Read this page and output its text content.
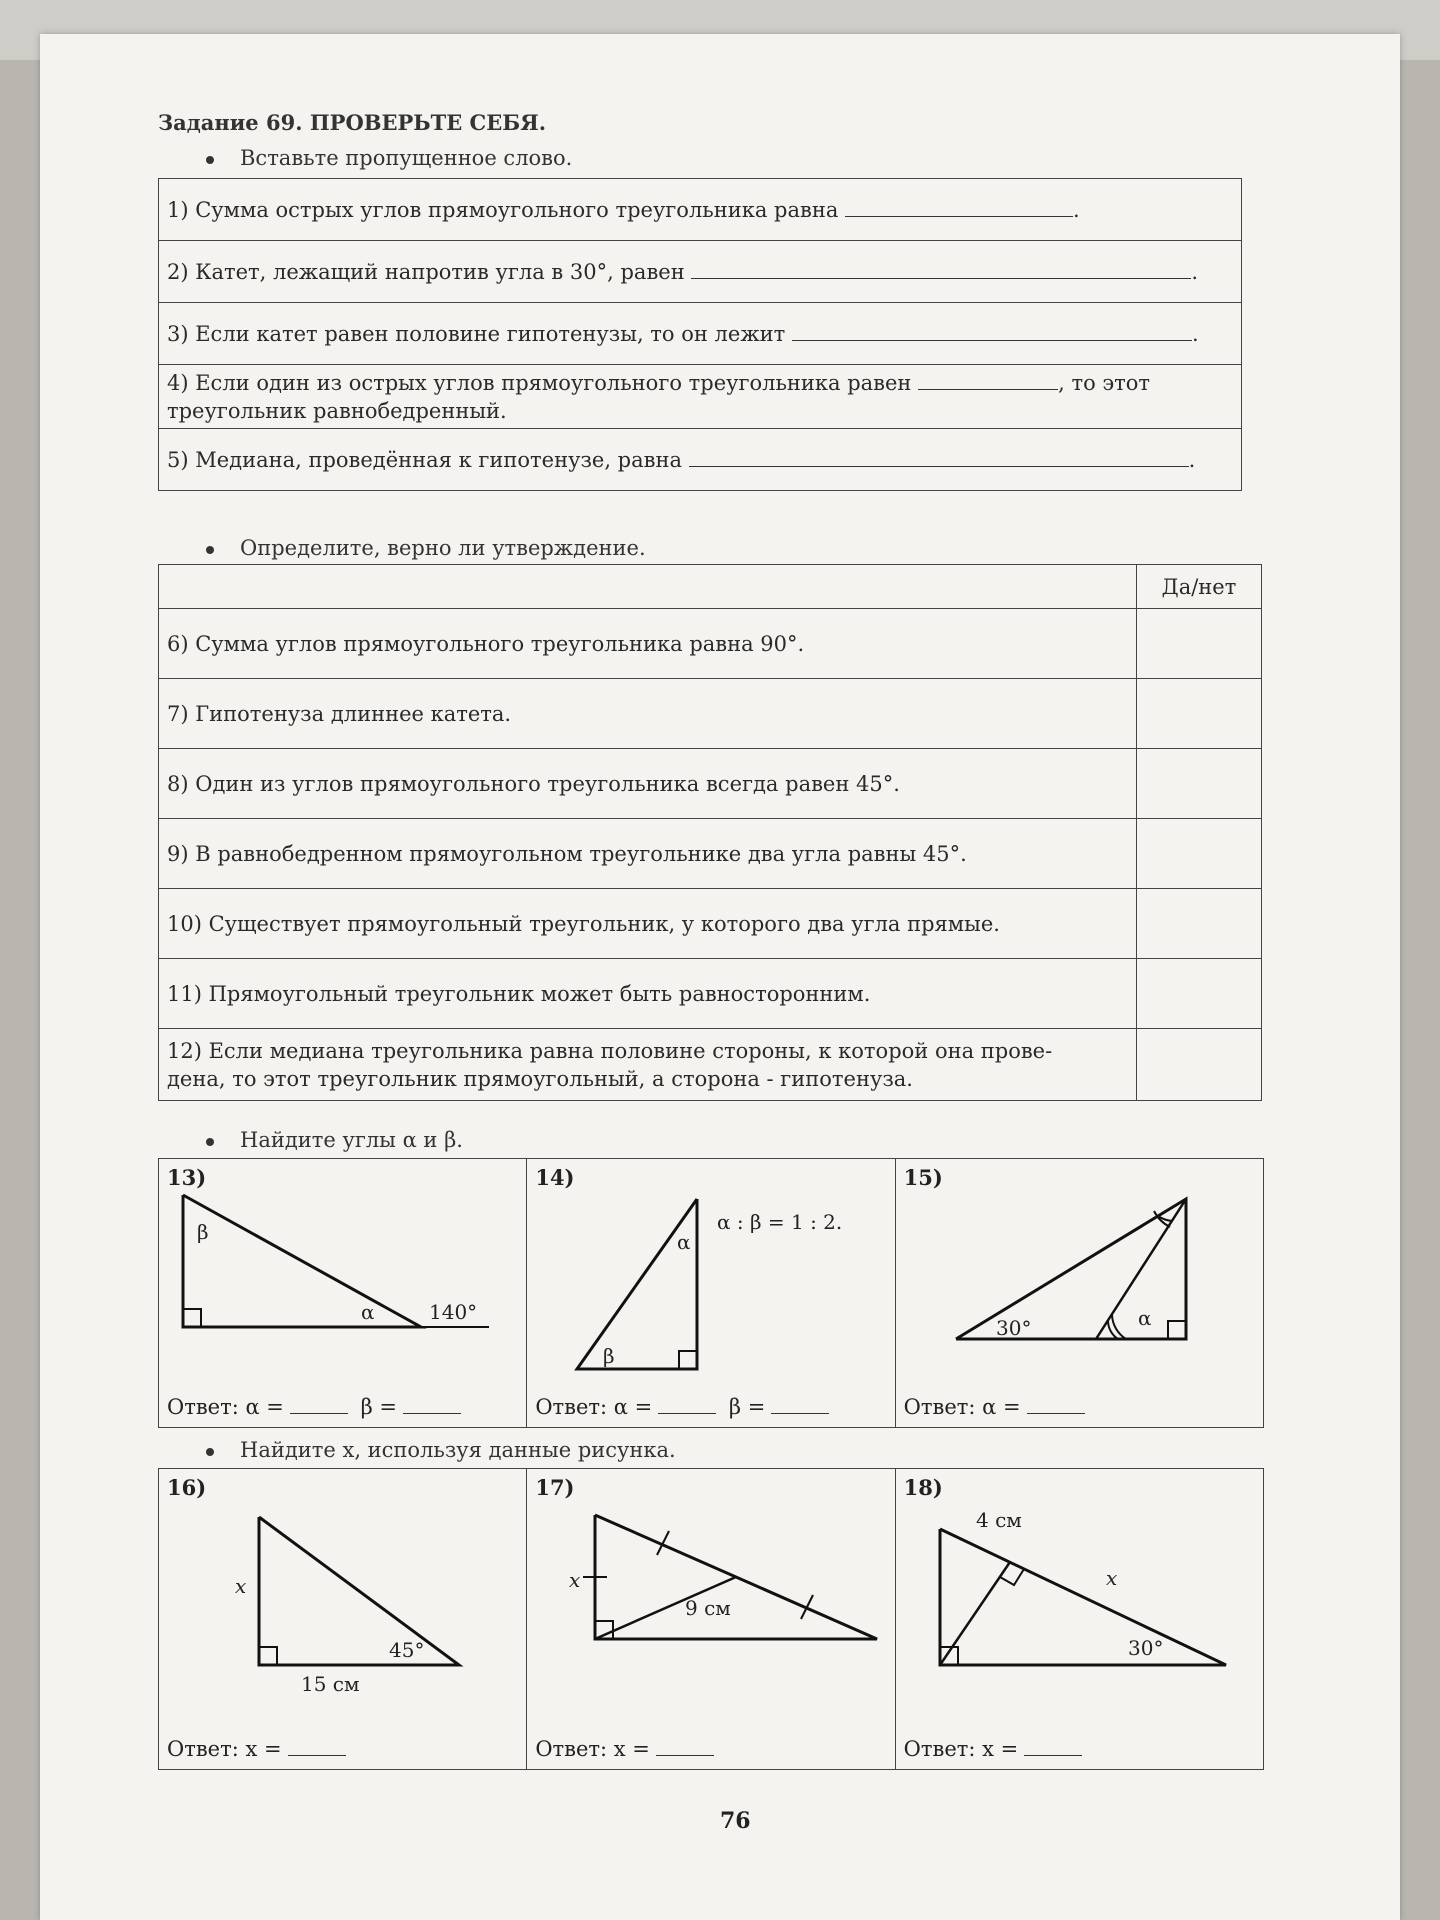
Задание 69. ПРОВЕРЬТЕ СЕБЯ.
Вставьте пропущенное слово.
1) Сумма острых углов прямоугольного треугольника равна	.
2) Катет, лежащий напротив угла в 30°, равен	.
3) Если катет равен половине гипотенузы, то он лежит	.
4) Если один из острых углов прямоугольного треугольника равен	, то этот
треугольник равнобедренный.
5) Медиана, проведённая к гипотенузе, равна	.
Определите, верно ли утверждение.
	Да/нет
6) Сумма углов прямоугольного треугольника равна 90°.	
7) Гипотенуза длиннее катета.	
8) Один из углов прямоугольного треугольника всегда равен 45°.	
9) В равнобедренном прямоугольном треугольнике два угла равны 45°.	
10) Существует прямоугольный треугольник, у которого два угла прямые.	
11) Прямоугольный треугольник может быть равносторонним.	
12) Если медиана треугольника равна половине стороны, к которой она прове-
дена, то этот треугольник прямоугольный, а сторона - гипотенуза.	
Найдите углы α и β.
β
α	140°
13)
Ответ: α =	β =
α
β
α : β = 1 : 2.
14)
Ответ: α =	β =
30°	α
15)
Ответ: α =
Найдите x, используя данные рисунка.
x
45°
15 см
16)
Ответ: x =
x
9 см
17)
Ответ: x =
4 см
x
30°
18)
Ответ: x =
76
